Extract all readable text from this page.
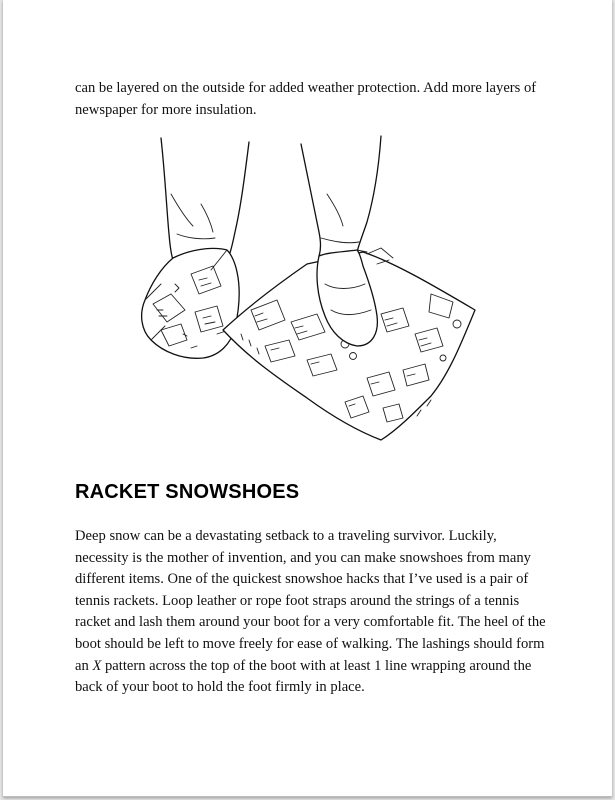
can be layered on the outside for added weather protection. Add more layers of newspaper for more insulation.

RACKET SNOWSHOES

Deep snow can be a devastating setback to a traveling survivor. Luckily, necessity is the mother of invention, and you can make snowshoes from many different items. One of the quickest snowshoe hacks that I’ve used is a pair of tennis rackets. Loop leather or rope foot straps around the strings of a tennis racket and lash them around your boot for a very comfortable fit. The heel of the boot should be left to move freely for ease of walking. The lashings should form an X pattern across the top of the boot with at least 1 line wrapping around the back of your boot to hold the foot firmly in place.
